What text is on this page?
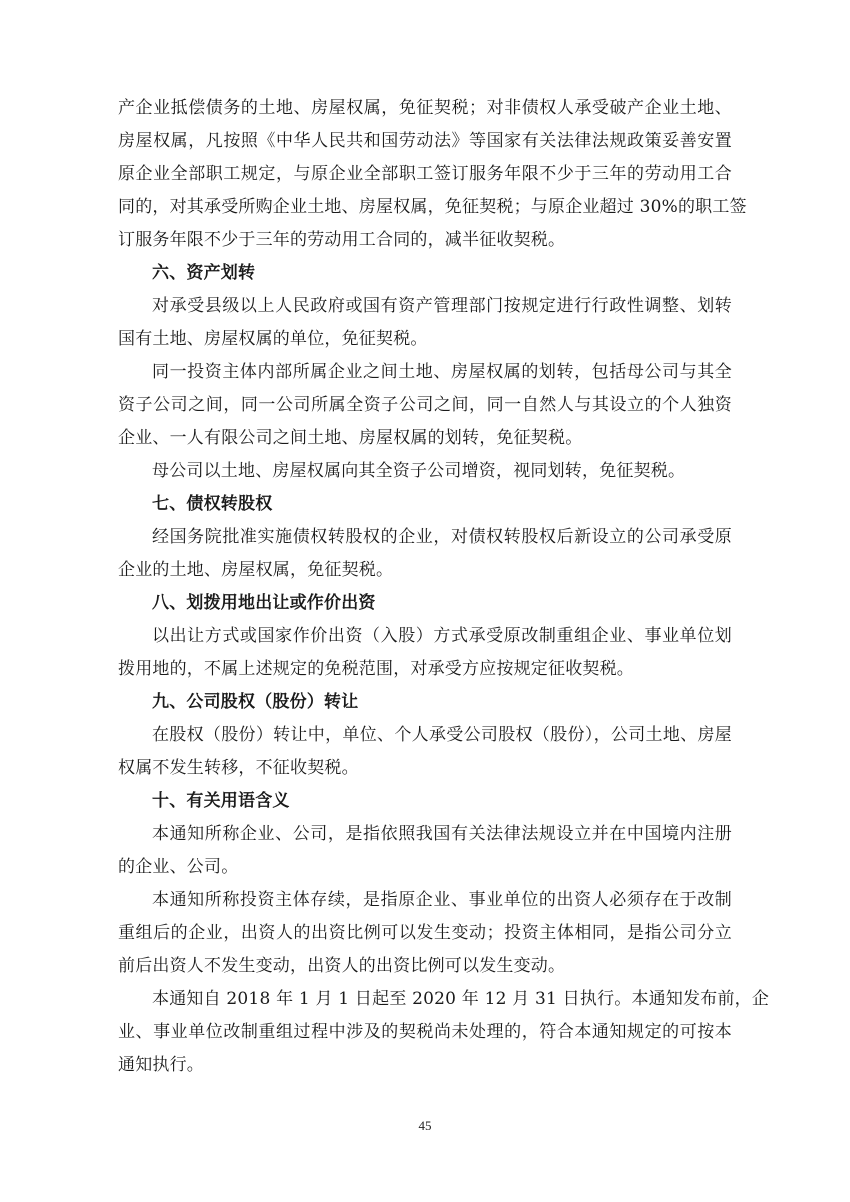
产企业抵偿债务的土地、房屋权属，免征契税；对非债权人承受破产企业土地、
房屋权属，凡按照《中华人民共和国劳动法》等国家有关法律法规政策妥善安置
原企业全部职工规定，与原企业全部职工签订服务年限不少于三年的劳动用工合
同的，对其承受所购企业土地、房屋权属，免征契税；与原企业超过 30%的职工签
订服务年限不少于三年的劳动用工合同的，减半征收契税。
六、资产划转
对承受县级以上人民政府或国有资产管理部门按规定进行行政性调整、划转
国有土地、房屋权属的单位，免征契税。
同一投资主体内部所属企业之间土地、房屋权属的划转，包括母公司与其全
资子公司之间，同一公司所属全资子公司之间，同一自然人与其设立的个人独资
企业、一人有限公司之间土地、房屋权属的划转，免征契税。
母公司以土地、房屋权属向其全资子公司增资，视同划转，免征契税。
七、债权转股权
经国务院批准实施债权转股权的企业，对债权转股权后新设立的公司承受原
企业的土地、房屋权属，免征契税。
八、划拨用地出让或作价出资
以出让方式或国家作价出资（入股）方式承受原改制重组企业、事业单位划
拨用地的，不属上述规定的免税范围，对承受方应按规定征收契税。
九、公司股权（股份）转让
在股权（股份）转让中，单位、个人承受公司股权（股份），公司土地、房屋
权属不发生转移，不征收契税。
十、有关用语含义
本通知所称企业、公司，是指依照我国有关法律法规设立并在中国境内注册
的企业、公司。
本通知所称投资主体存续，是指原企业、事业单位的出资人必须存在于改制
重组后的企业，出资人的出资比例可以发生变动；投资主体相同，是指公司分立
前后出资人不发生变动，出资人的出资比例可以发生变动。
本通知自 2018 年 1 月 1 日起至 2020 年 12 月 31 日执行。本通知发布前，企
业、事业单位改制重组过程中涉及的契税尚未处理的，符合本通知规定的可按本
通知执行。
45
